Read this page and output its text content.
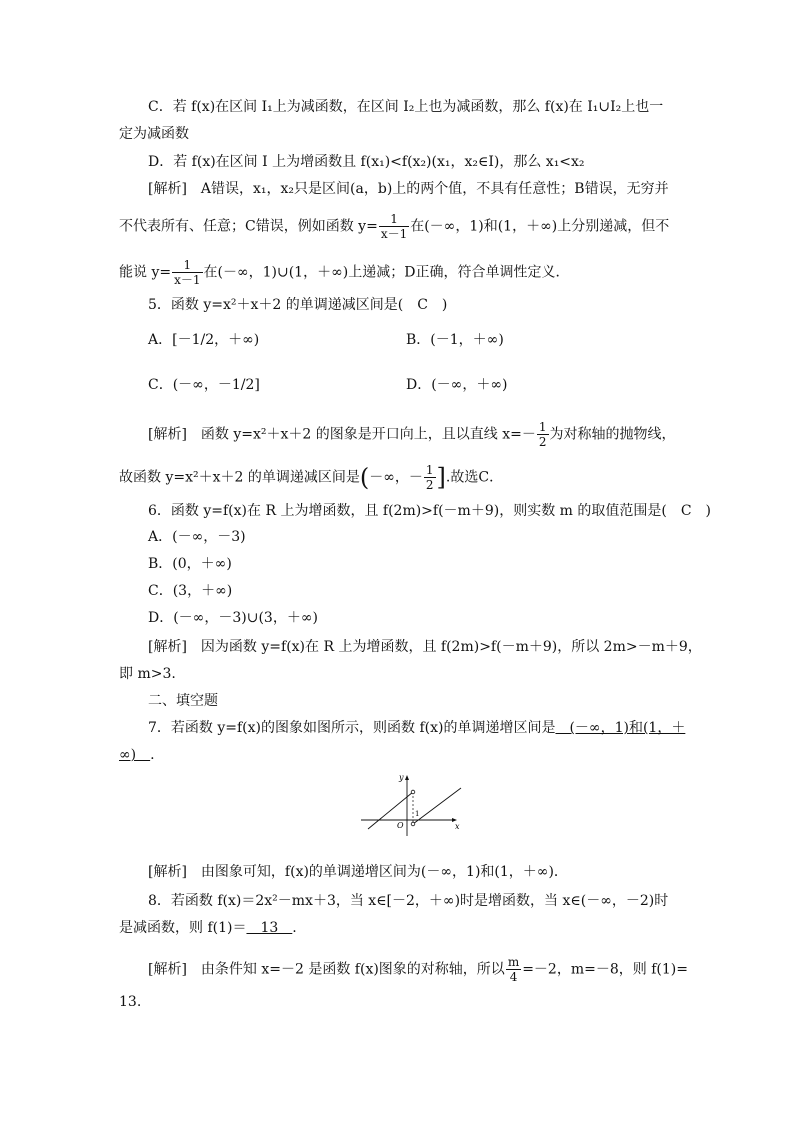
C．若 f(x)在区间 I₁上为减函数，在区间 I₂上也为减函数，那么 f(x)在 I₁∪I₂上也一
定为减函数
D．若 f(x)在区间 I 上为增函数且 f(x₁)<f(x₂)(x₁，x₂∈I)，那么 x₁<x₂
[解析]　A错误，x₁，x₂只是区间(a，b)上的两个值，不具有任意性；B错误，无穷并
不代表所有、任意；C错误，例如函数 $y= \frac{1}{x-1}$ 在(－∞，1)和(1，＋∞)上分别递减，但不
能说 $y= \frac{1}{x-1}$ 在(－∞，1)∪(1，＋∞)上递减；D正确，符合单调性定义．
5．函数 y=x²＋x＋2 的单调递减区间是(　C　)
A．[－1/2，＋∞)	B．(－1，＋∞)
C．(－∞，－1/2]	D．(－∞，＋∞)
[解析]　函数 y=x²＋x＋2 的图象是开口向上，且以直线 $x=- \frac{1}{2}$ 为对称轴的抛物线，
故函数 y=x²＋x＋2 的单调递减区间是(－∞，－ $\frac{1}{2}$ ].故选C．
6．函数 y=f(x)在 R 上为增函数，且 f(2m)>f(－m＋9)，则实数 m 的取值范围是(　C　)
A．(－∞，－3)
B．(0，＋∞)
C．(3，＋∞)
D．(－∞，－3)∪(3，＋∞)
[解析]　因为函数 y=f(x)在 R 上为增函数，且 f(2m)>f(－m＋9)，所以 2m>－m＋9，
即 m>3.
二、填空题
7．若函数 y=f(x)的图象如图所示，则函数 f(x)的单调递增区间是　(－∞，1)和(1，＋
∞)　.
y
x
O
1
[解析]　由图象可知，f(x)的单调递增区间为(－∞，1)和(1，＋∞)．
8．若函数 f(x)＝2x²－mx＋3，当 x∈[－2，＋∞)时是增函数，当 x∈(－∞，－2)时
是减函数，则 f(1)＝　13　.
[解析]　由条件知 x=－2 是函数 f(x)图象的对称轴，所以 $\frac{m}{4} =-2$，m=－8，则 f(1)=
13.
